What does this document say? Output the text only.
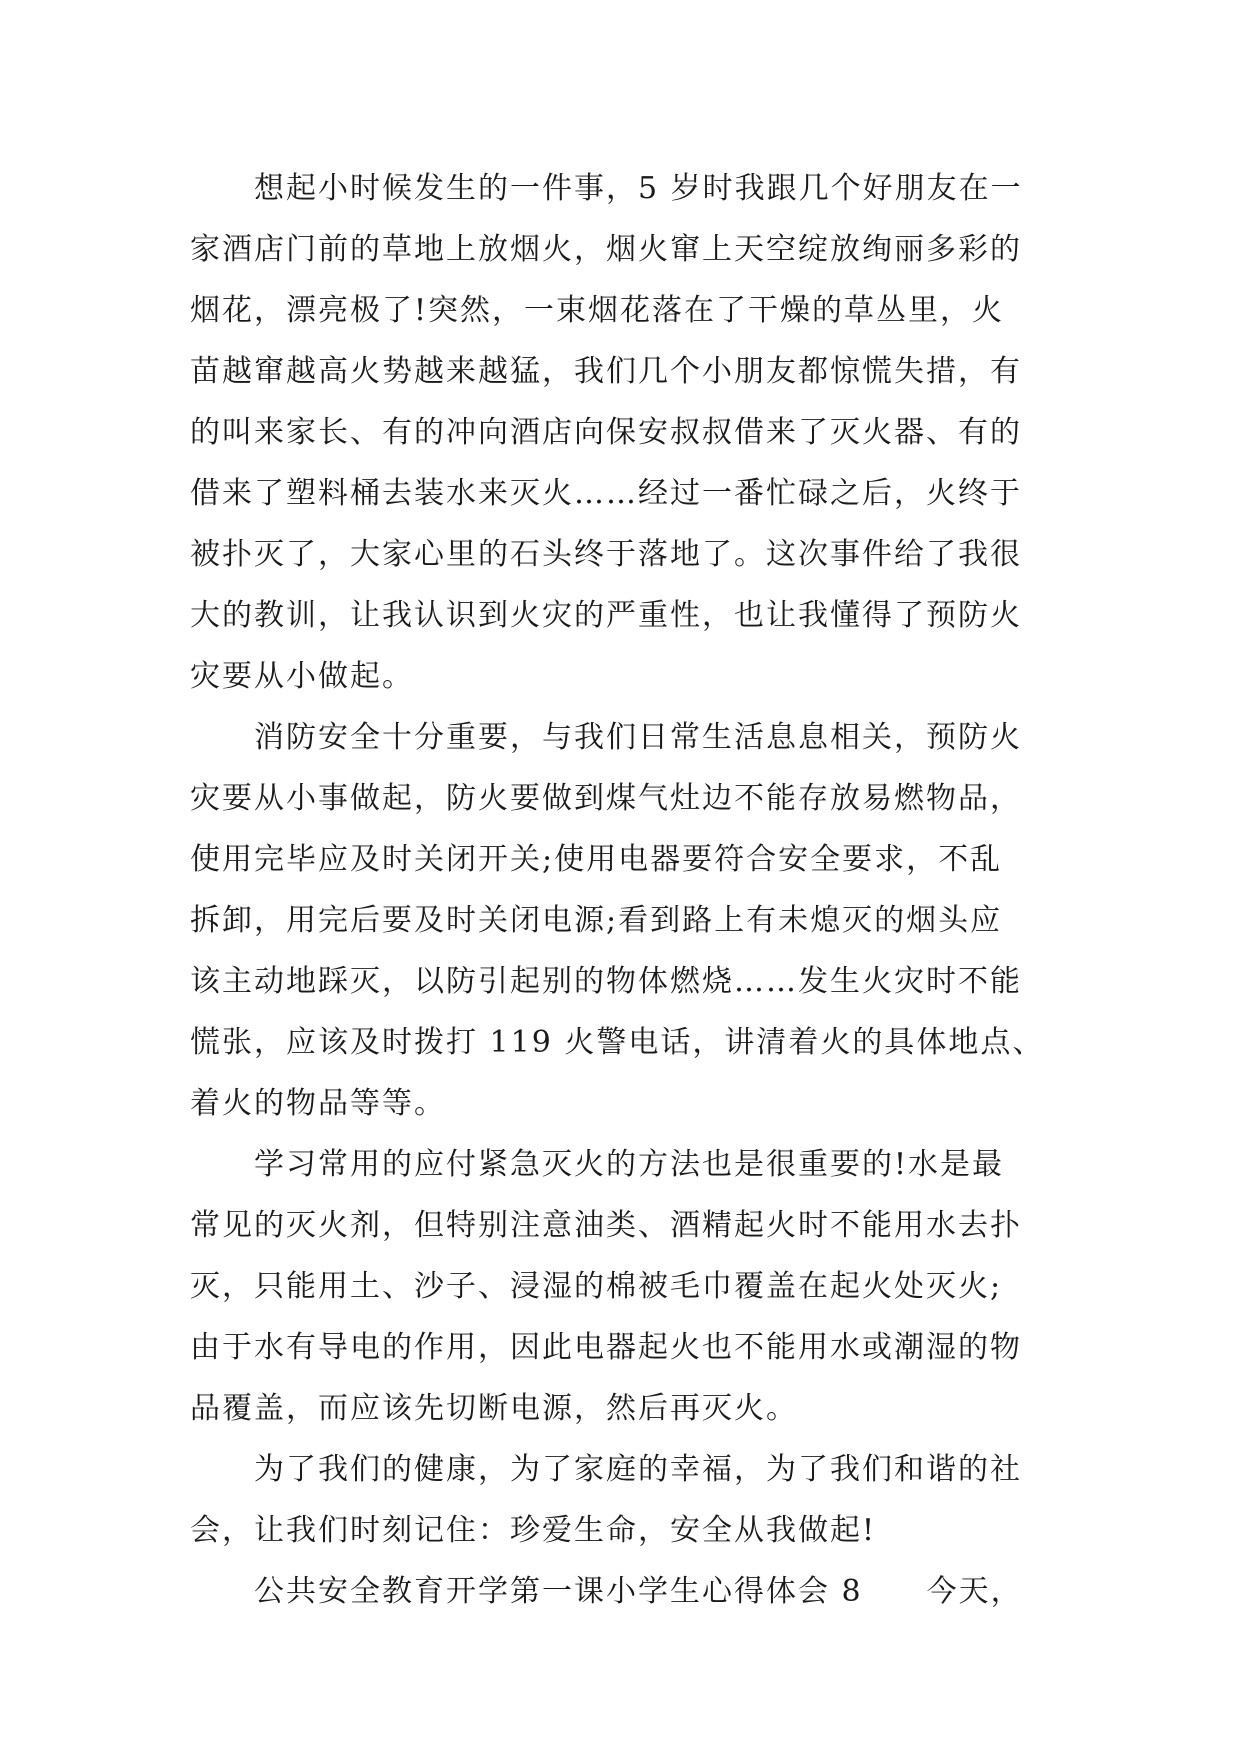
想起小时候发生的一件事，5 岁时我跟几个好朋友在一
家酒店门前的草地上放烟火，烟火窜上天空绽放绚丽多彩的
烟花，漂亮极了!突然，一束烟花落在了干燥的草丛里，火
苗越窜越高火势越来越猛，我们几个小朋友都惊慌失措，有
的叫来家长、有的冲向酒店向保安叔叔借来了灭火器、有的
借来了塑料桶去装水来灭火……经过一番忙碌之后，火终于
被扑灭了，大家心里的石头终于落地了。这次事件给了我很
大的教训，让我认识到火灾的严重性，也让我懂得了预防火
灾要从小做起。
消防安全十分重要，与我们日常生活息息相关，预防火
灾要从小事做起，防火要做到煤气灶边不能存放易燃物品，
使用完毕应及时关闭开关;使用电器要符合安全要求，不乱
拆卸，用完后要及时关闭电源;看到路上有未熄灭的烟头应
该主动地踩灭，以防引起别的物体燃烧……发生火灾时不能
慌张，应该及时拨打 119 火警电话，讲清着火的具体地点、
着火的物品等等。
学习常用的应付紧急灭火的方法也是很重要的!水是最
常见的灭火剂，但特别注意油类、酒精起火时不能用水去扑
灭，只能用土、沙子、浸湿的棉被毛巾覆盖在起火处灭火;
由于水有导电的作用，因此电器起火也不能用水或潮湿的物
品覆盖，而应该先切断电源，然后再灭火。
为了我们的健康，为了家庭的幸福，为了我们和谐的社
会，让我们时刻记住：珍爱生命，安全从我做起!
公共安全教育开学第一课小学生心得体会 8　　今天，
